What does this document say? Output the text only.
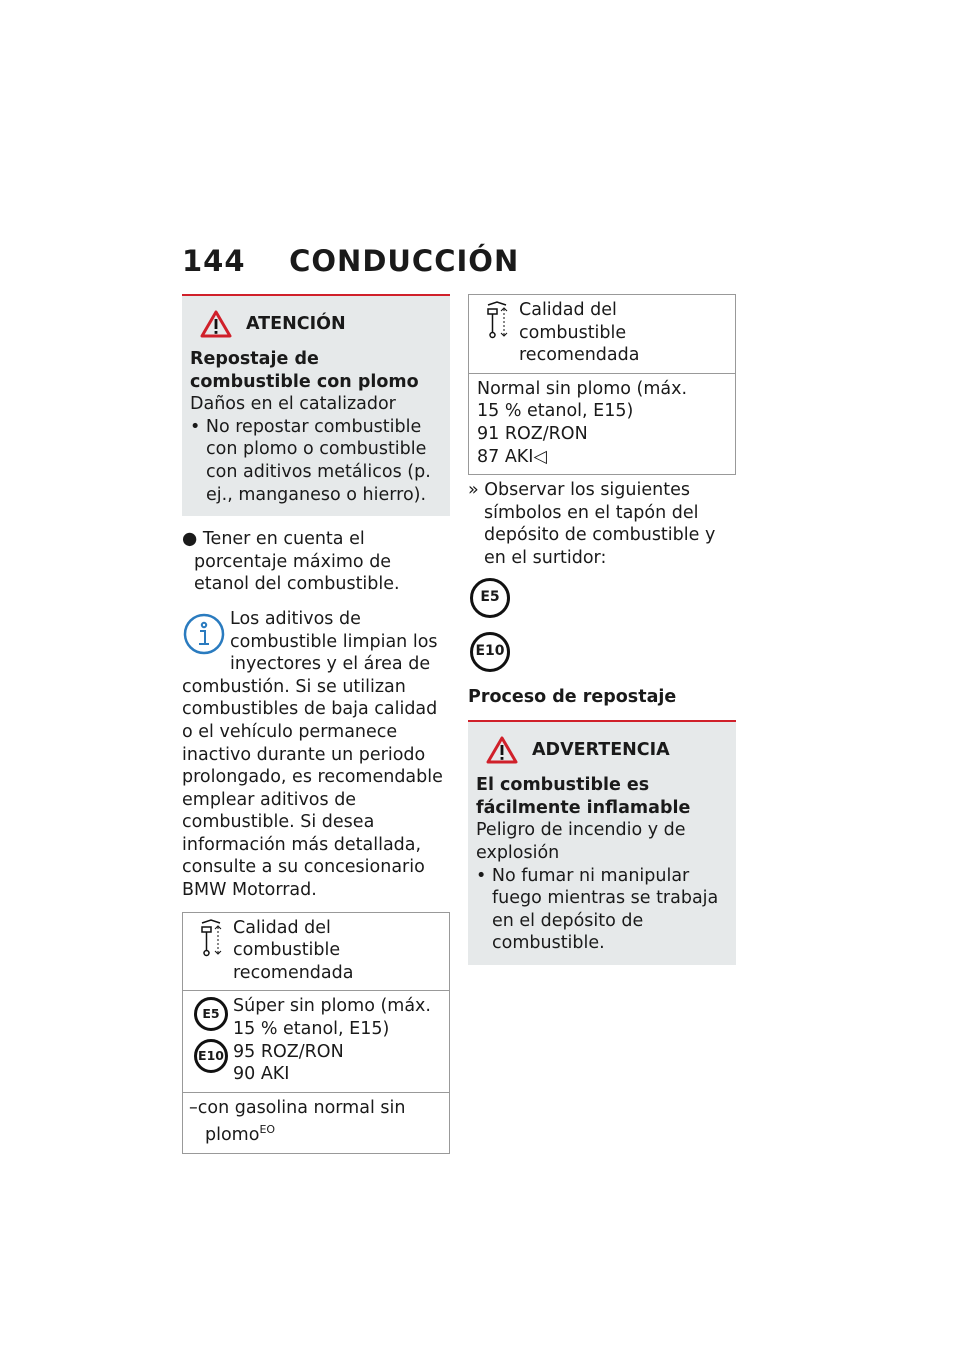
144 CONDUCCIÓN
ATENCIÓN
Repostaje de combustible con plomo
Daños en el catalizador
• No repostar combustible con plomo o combustible con aditivos metálicos (p. ej., manganeso o hierro).
● Tener en cuenta el porcentaje máximo de etanol del combustible.
Los aditivos de combustible limpian los inyectores y el área de combustión. Si se utilizan combustibles de baja calidad o el vehículo permanece inactivo durante un periodo prolongado, es recomendable emplear aditivos de combustible. Si desea información más detallada, consulte a su concesionario BMW Motorrad.
Calidad del combustible recomendada
E5
E10
Súper sin plomo (máx.
15 % etanol, E15)
95 ROZ/RON
90 AKI
–con gasolina normal sin plomo$^{EO}$
Calidad del combustible recomendada
Normal sin plomo (máx.
15 % etanol, E15)
91 ROZ/RON
87 AKI◁
» Observar los siguientes símbolos en el tapón del depósito de combustible y en el surtidor:
E5
E10
Proceso de repostaje
ADVERTENCIA
El combustible es fácilmente inflamable
Peligro de incendio y de explosión
• No fumar ni manipular fuego mientras se trabaja en el depósito de combustible.
